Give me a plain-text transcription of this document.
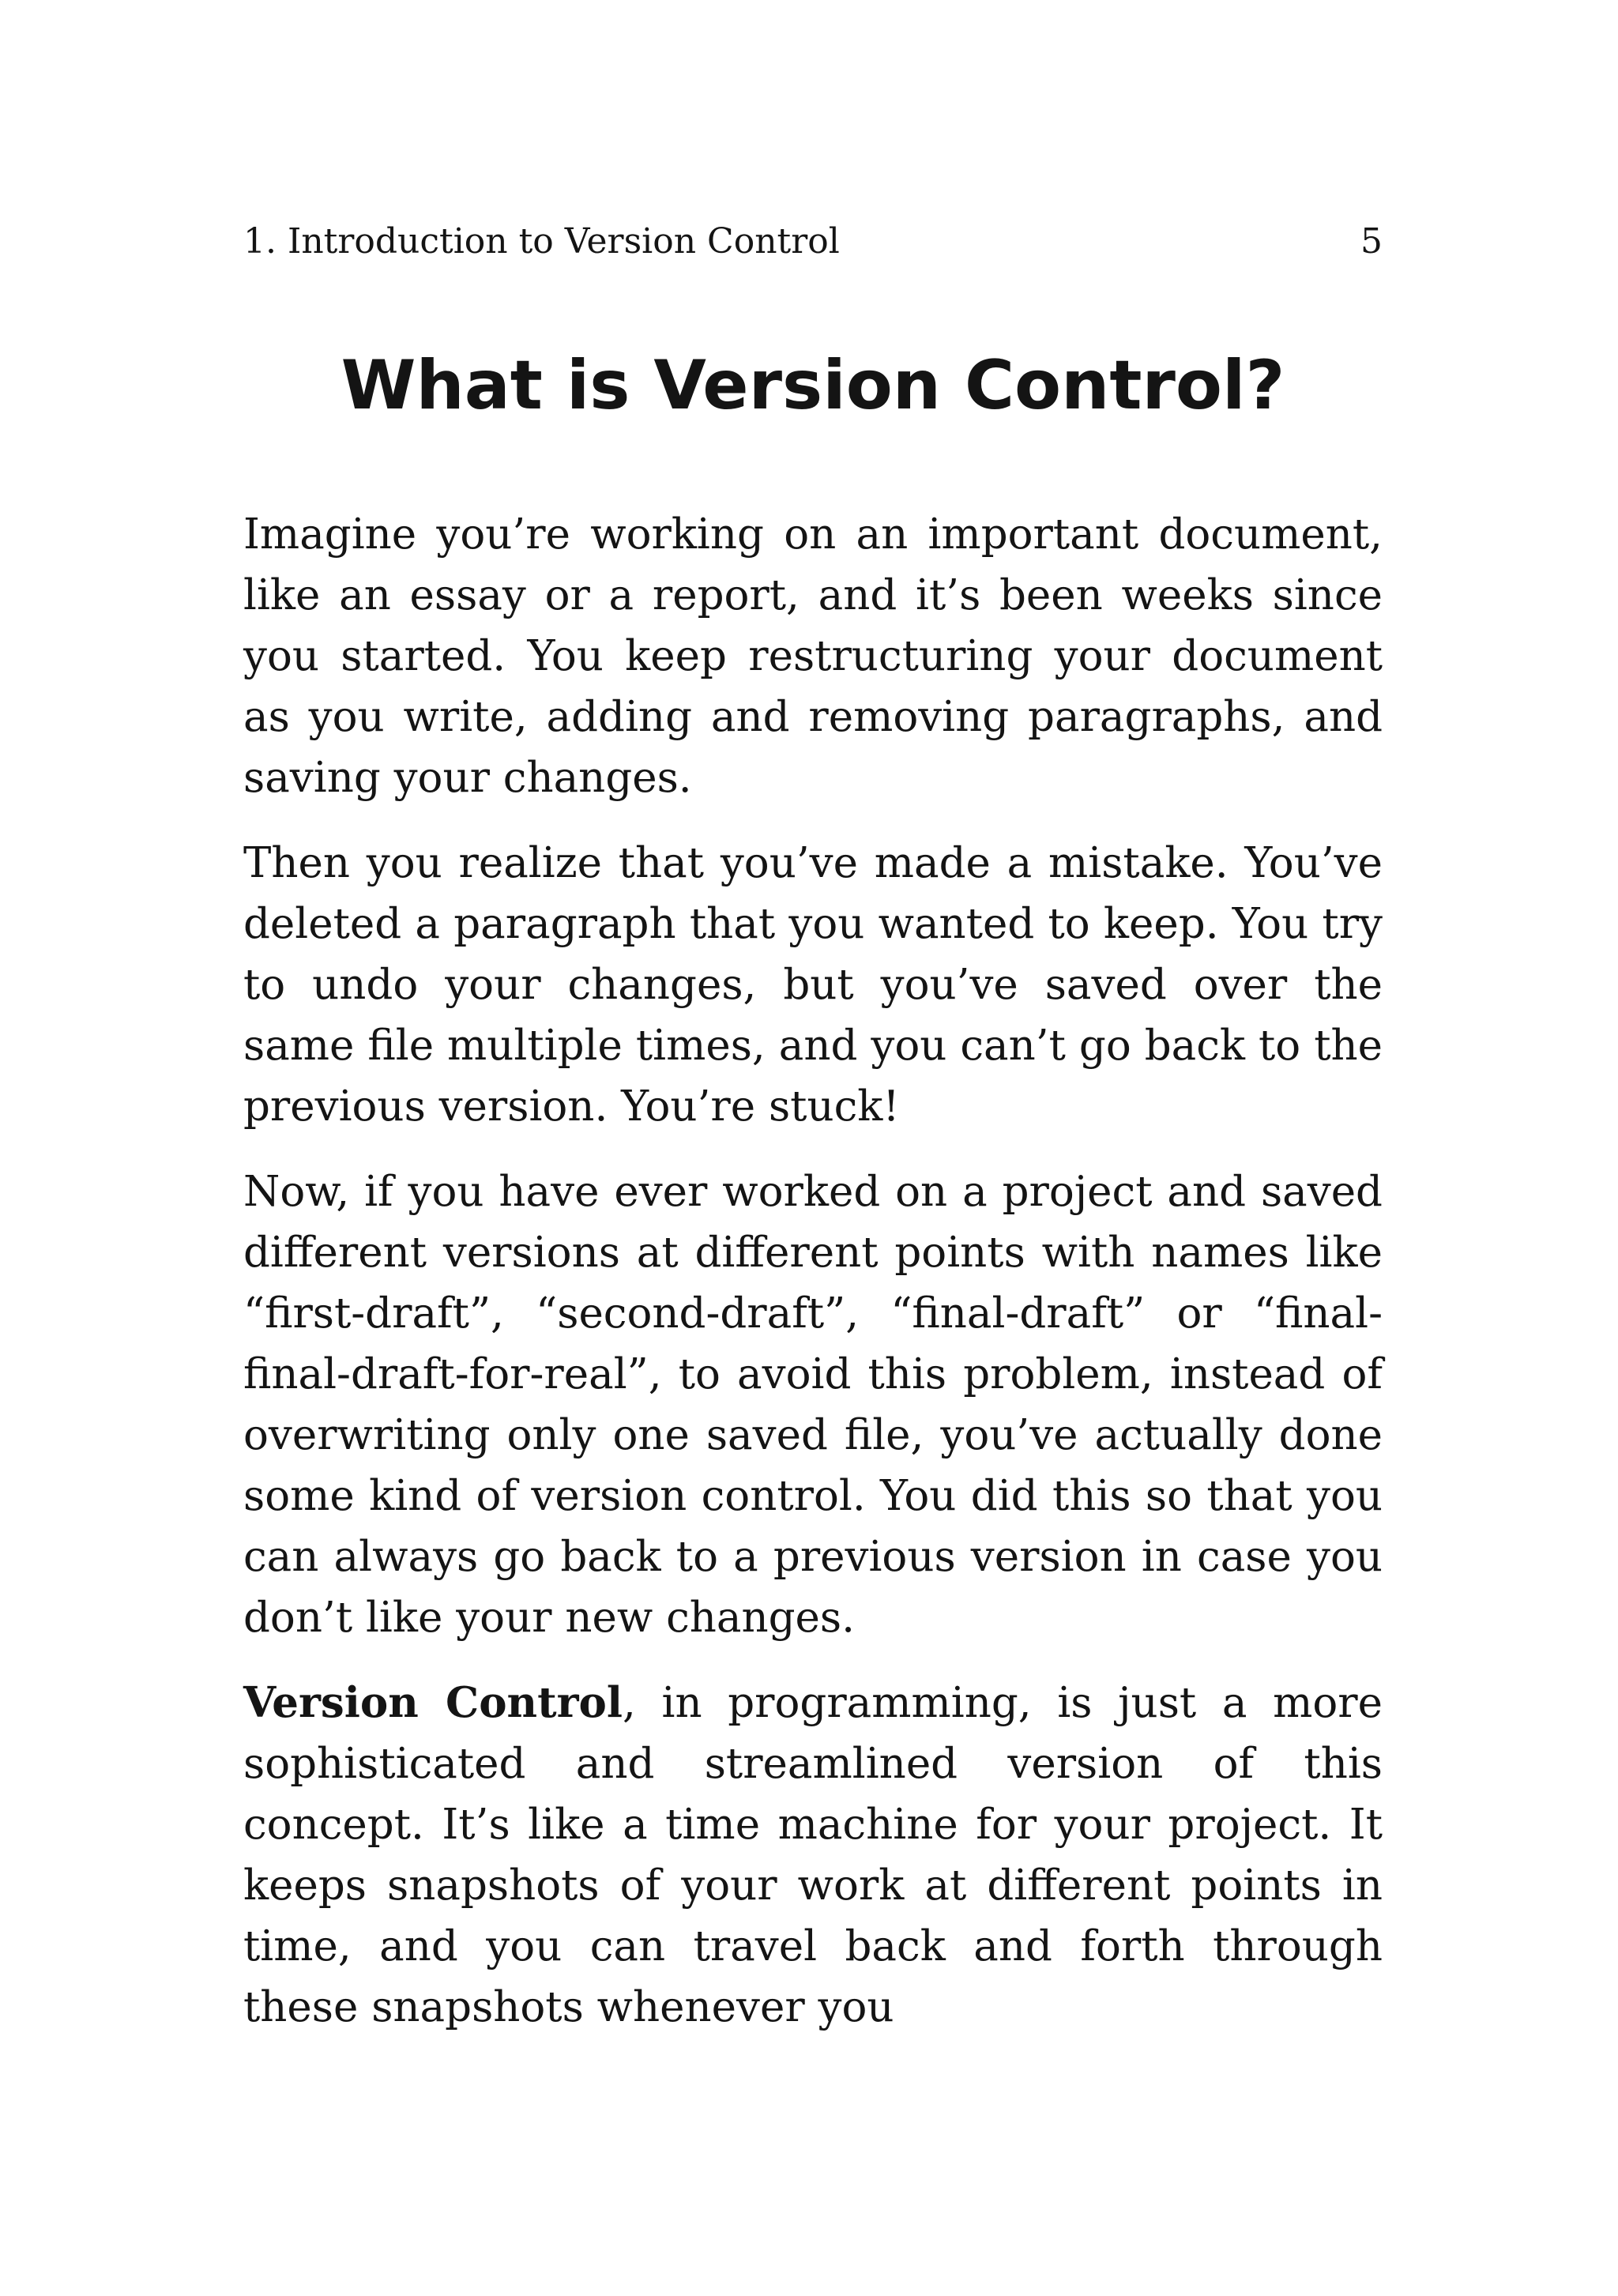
1. Introduction to Version Control	5
What is Version Control?

Imagine you’re working on an important document, like an essay or a report, and it’s been weeks since you started. You keep restructuring your document as you write, adding and removing paragraphs, and saving your changes.

Then you realize that you’ve made a mistake. You’ve deleted a paragraph that you wanted to keep. You try to undo your changes, but you’ve saved over the same file multiple times, and you can’t go back to the previous version. You’re stuck!

Now, if you have ever worked on a project and saved different versions at different points with names like “first-draft”, “second-draft”, “final-draft” or “final-final-draft-for-real”, to avoid this problem, instead of overwriting only one saved file, you’ve actually done some kind of version control. You did this so that you can always go back to a previous version in case you don’t like your new changes.

Version Control, in programming, is just a more sophisticated and streamlined version of this concept. It’s like a time machine for your project. It keeps snapshots of your work at different points in time, and you can travel back and forth through these snapshots whenever you
